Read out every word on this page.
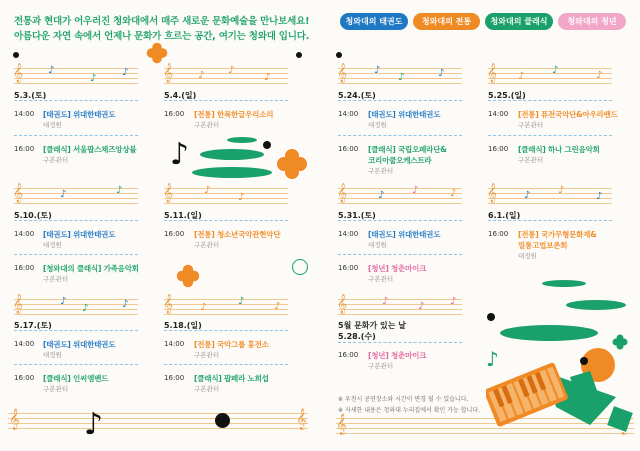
전통과 현대가 어우러진 청와대에서 매주 새로운 문화예술을 만나보세요!
아름다운 자연 속에서 언제나 문화가 흐르는 공간, 여기는 청와대 입니다.
청와대의 태권도	청와대의 전통	청와대의 클래식	청와대의 청년
𝄞 ♪
♪
♪
5.3.(토)
14:00 [태권도] 위대한태권도
대정원
16:00 [클래식] 서울팝스채즈앙상블
구본관터
𝄞 ♪ ♪
♪
5.4.(일)
16:00 [전통] 한복한글우리소리
구본관터
♪
𝄞	♪	♪
5.10.(토)
14:00 [태권도] 위대한태권도
대정원
16:00 [청와대의 클래식] 가족음악회
구본관터
𝄞	♪
♪
5.11.(일)
16:00 [전통] 청소년국악관현악단
구본관터
𝄞	♪
♪	♪
5.17.(토)
14:00 [태권도] 위대한태권도
대정원
16:00 [클래식] 인씨엠밴드
구본관터
𝄞	♪
♪	♪
5.18.(일)
14:00 [전통] 국악그룹 홍전소
구본관터
16:00 [클래식] 팝페라 노희섭
구본관터
𝄞	𝄞
♪
𝄞	♪
♪	♪
5.24.(토)
14:00 [태권도] 위대한태권도
대정원
16:00 [클래식] 국립오페라단&
코리아쿱오케스트라
구본관터
𝄞 ♪
♪	♪
5.25.(일)
14:00 [전통] 퓨전국악단&아우라밴드
구본관터
16:00 [클래식] 하나 그린음악회
구본관터
𝄞	♪	♪	♪
5.31.(토)
14:00 [태권도] 위대한태권도
대정원
16:00 [청년] 청춘마이크
구본관터
𝄞	♪	♪
♪
6.1.(일)
16:00 [전통] 국가무형문화재&
밀통고법보존회
대정원
𝄞	♪	♪	♪
5월 문화가 있는 날
5.28.(수)
16:00 [청년] 청춘마이크
구본관터
※ 우천시 공연장소와 시간이 변경 될 수 있습니다.
※ 자세한 내용은 청와대 누리집에서 확인 가능 합니다.
𝄞
♪
